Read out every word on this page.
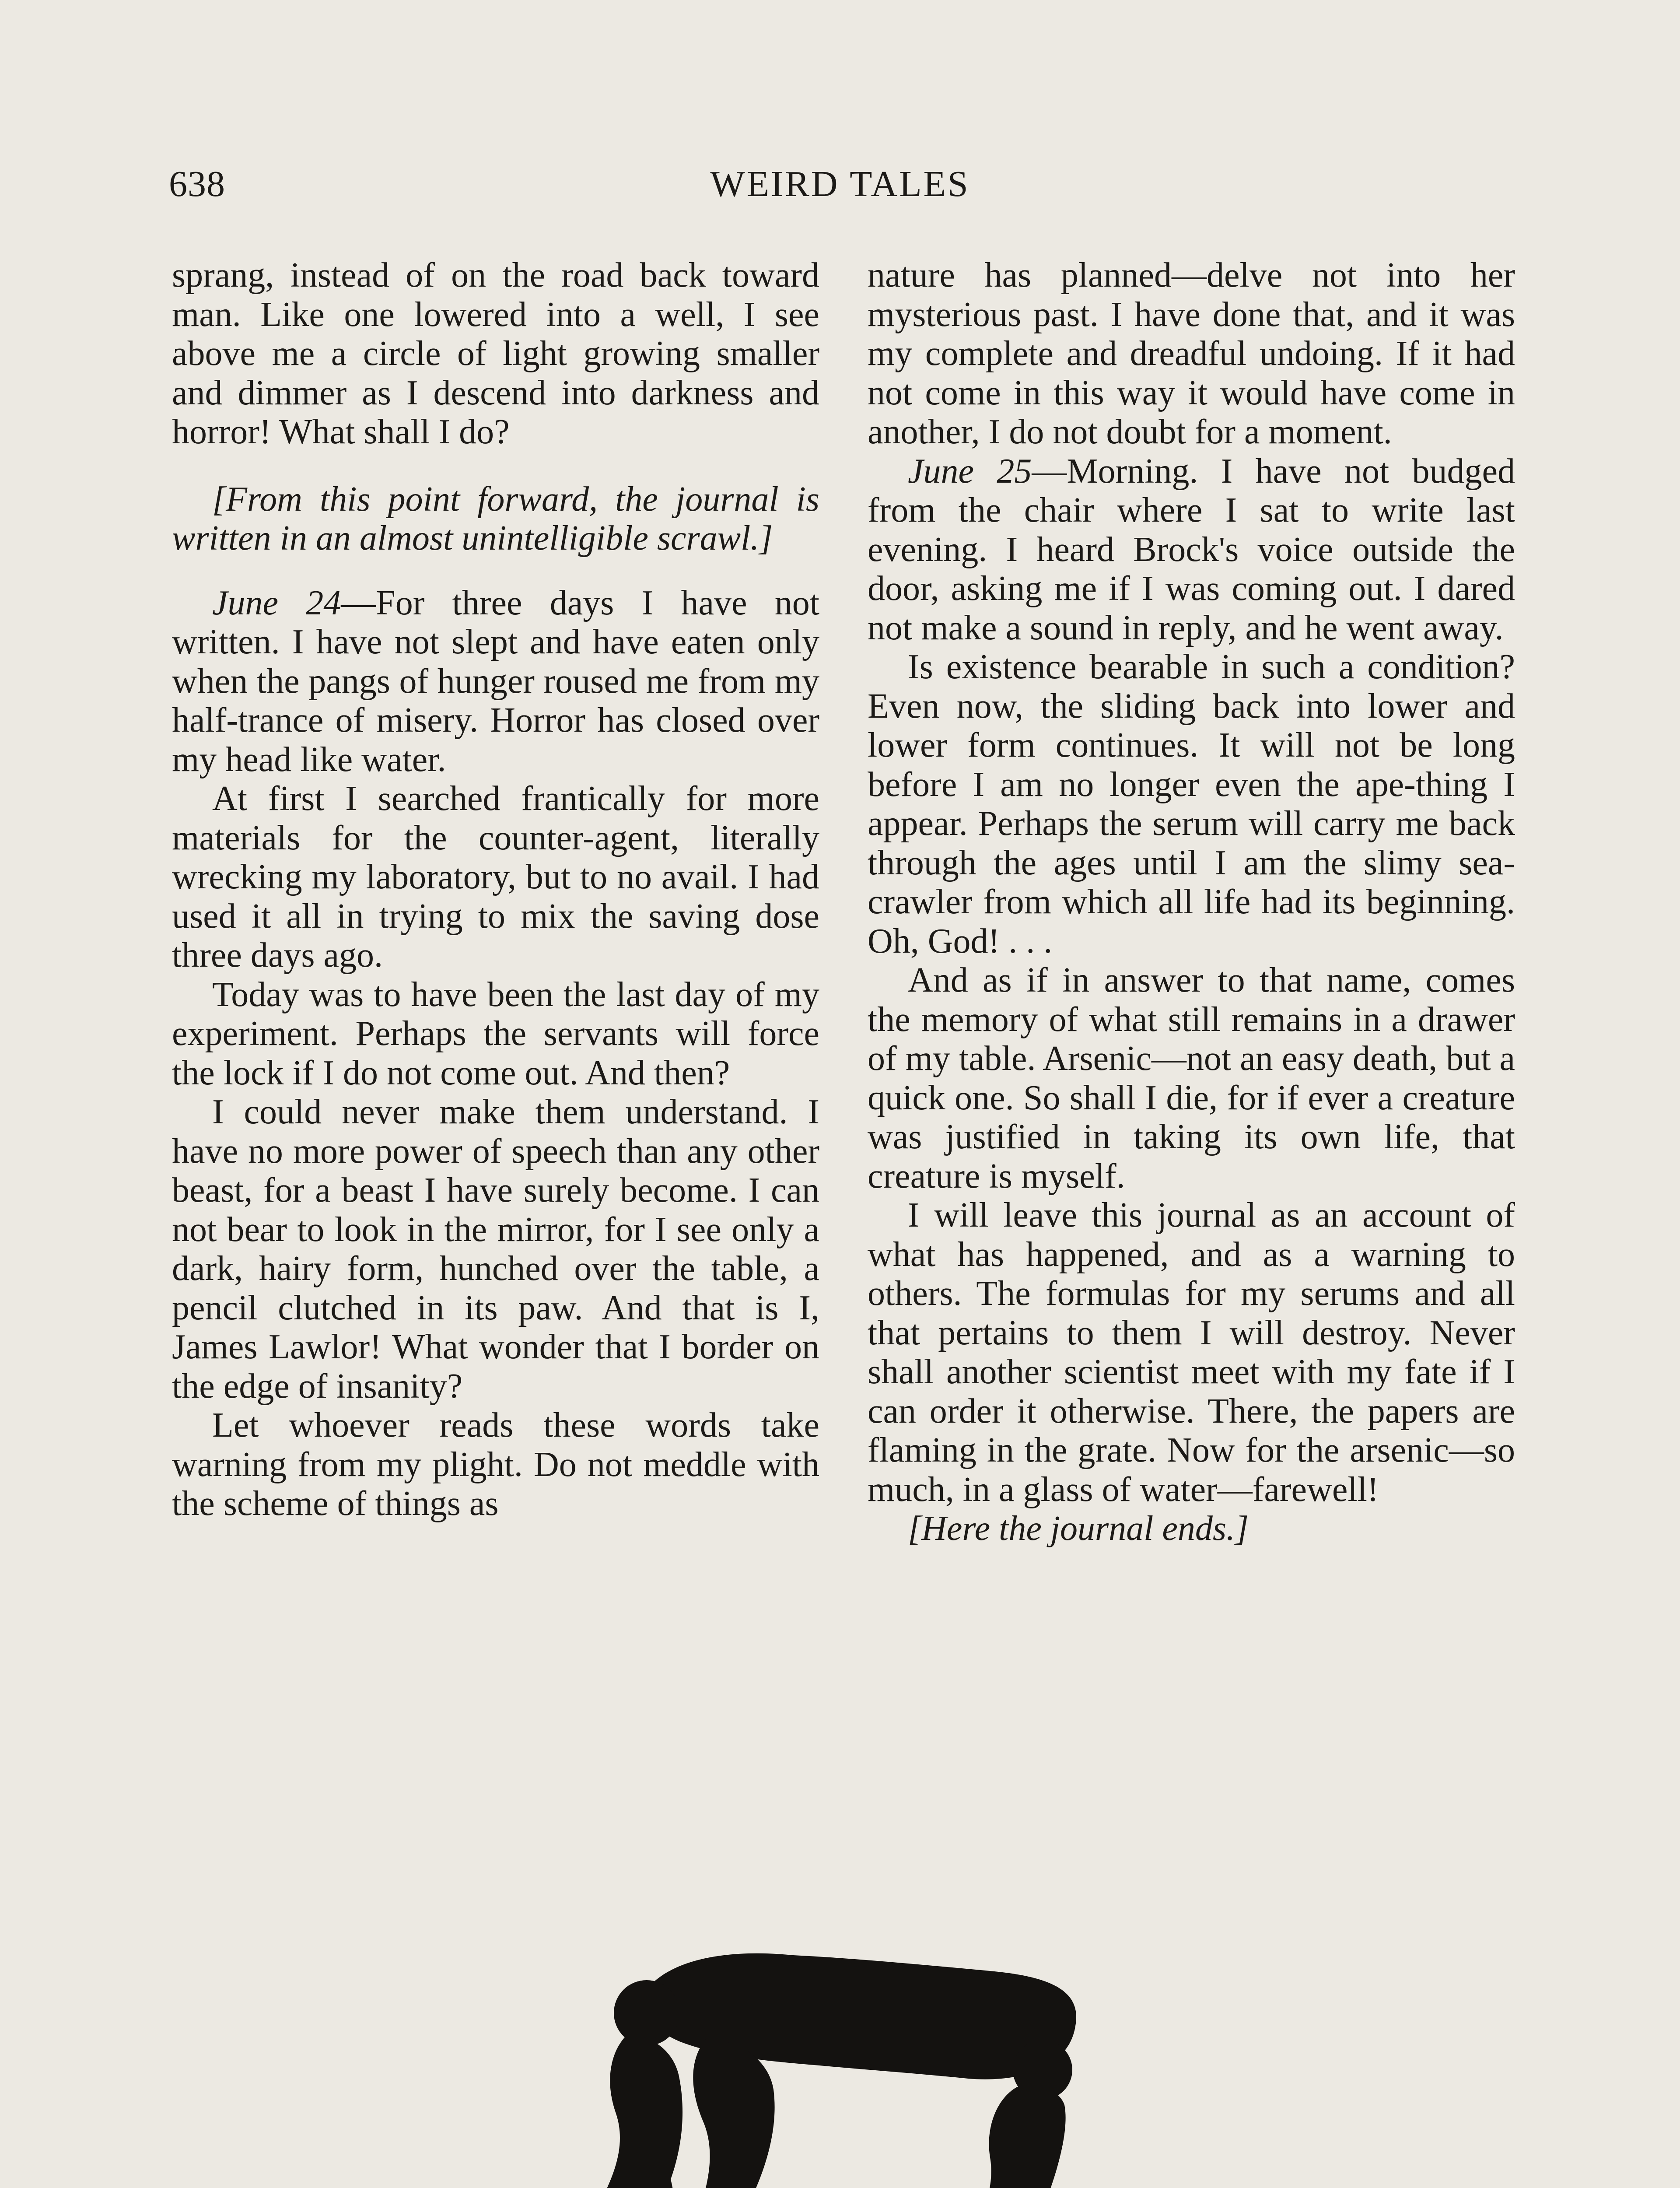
638	WEIRD TALES

sprang, instead of on the road back toward man. Like one lowered into a well, I see above me a circle of light growing smaller and dimmer as I descend into darkness and horror! What shall I do?

[From this point forward, the journal is written in an almost unintelligible scrawl.]

June 24—For three days I have not written. I have not slept and have eaten only when the pangs of hunger roused me from my half-trance of misery. Horror has closed over my head like water.

At first I searched frantically for more materials for the counter-agent, literally wrecking my laboratory, but to no avail. I had used it all in trying to mix the saving dose three days ago.

Today was to have been the last day of my experiment. Perhaps the servants will force the lock if I do not come out. And then?

I could never make them understand. I have no more power of speech than any other beast, for a beast I have surely become. I can not bear to look in the mirror, for I see only a dark, hairy form, hunched over the table, a pencil clutched in its paw. And that is I, James Lawlor! What wonder that I border on the edge of insanity?

Let whoever reads these words take warning from my plight. Do not meddle with the scheme of things as

nature has planned—delve not into her mysterious past. I have done that, and it was my complete and dreadful undoing. If it had not come in this way it would have come in another, I do not doubt for a moment.

June 25—Morning. I have not budged from the chair where I sat to write last evening. I heard Brock's voice outside the door, asking me if I was coming out. I dared not make a sound in reply, and he went away.

Is existence bearable in such a condition? Even now, the sliding back into lower and lower form continues. It will not be long before I am no longer even the ape-thing I appear. Perhaps the serum will carry me back through the ages until I am the slimy sea-crawler from which all life had its beginning. Oh, God! . . .

And as if in answer to that name, comes the memory of what still remains in a drawer of my table. Arsenic—not an easy death, but a quick one. So shall I die, for if ever a creature was justified in taking its own life, that creature is myself.

I will leave this journal as an account of what has happened, and as a warning to others. The formulas for my serums and all that pertains to them I will destroy. Never shall another scientist meet with my fate if I can order it otherwise. There, the papers are flaming in the grate. Now for the arsenic—so much, in a glass of water—farewell!

[Here the journal ends.]
